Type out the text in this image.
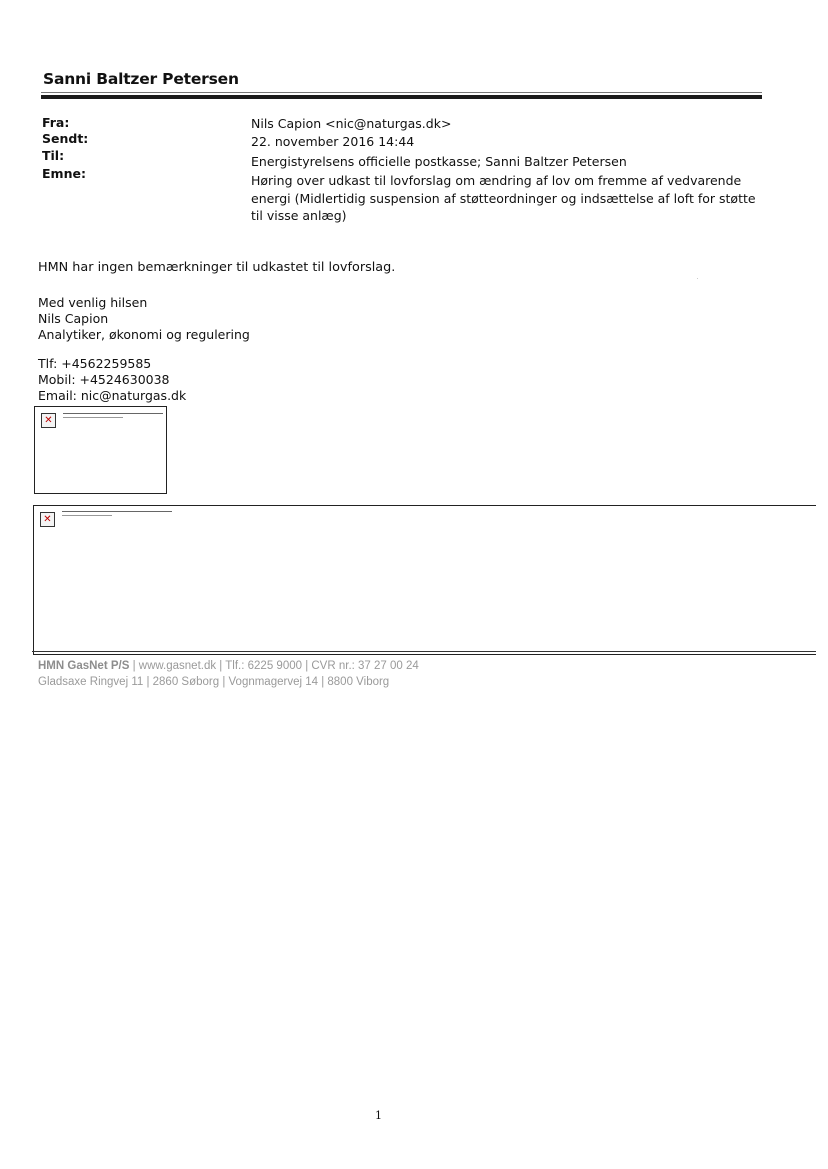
Sanni Baltzer Petersen
Fra:	Nils Capion <nic@naturgas.dk>
Sendt:	22. november 2016 14:44
Til:	Energistyrelsens officielle postkasse; Sanni Baltzer Petersen
Emne:	Høring over udkast til lovforslag om ændring af lov om fremme af vedvarende energi (Midlertidig suspension af støtteordninger og indsættelse af loft for støtte til visse anlæg)
HMN har ingen bemærkninger til udkastet til lovforslag.
Med venlig hilsen
Nils Capion
Analytiker, økonomi og regulering
Tlf: +4562259585
Mobil: +4524630038
Email: nic@naturgas.dk
✕
✕
HMN GasNet P/S | www.gasnet.dk | Tlf.: 6225 9000 | CVR nr.: 37 27 00 24
Gladsaxe Ringvej 11 | 2860 Søborg | Vognmagervej 14 | 8800 Viborg
1
